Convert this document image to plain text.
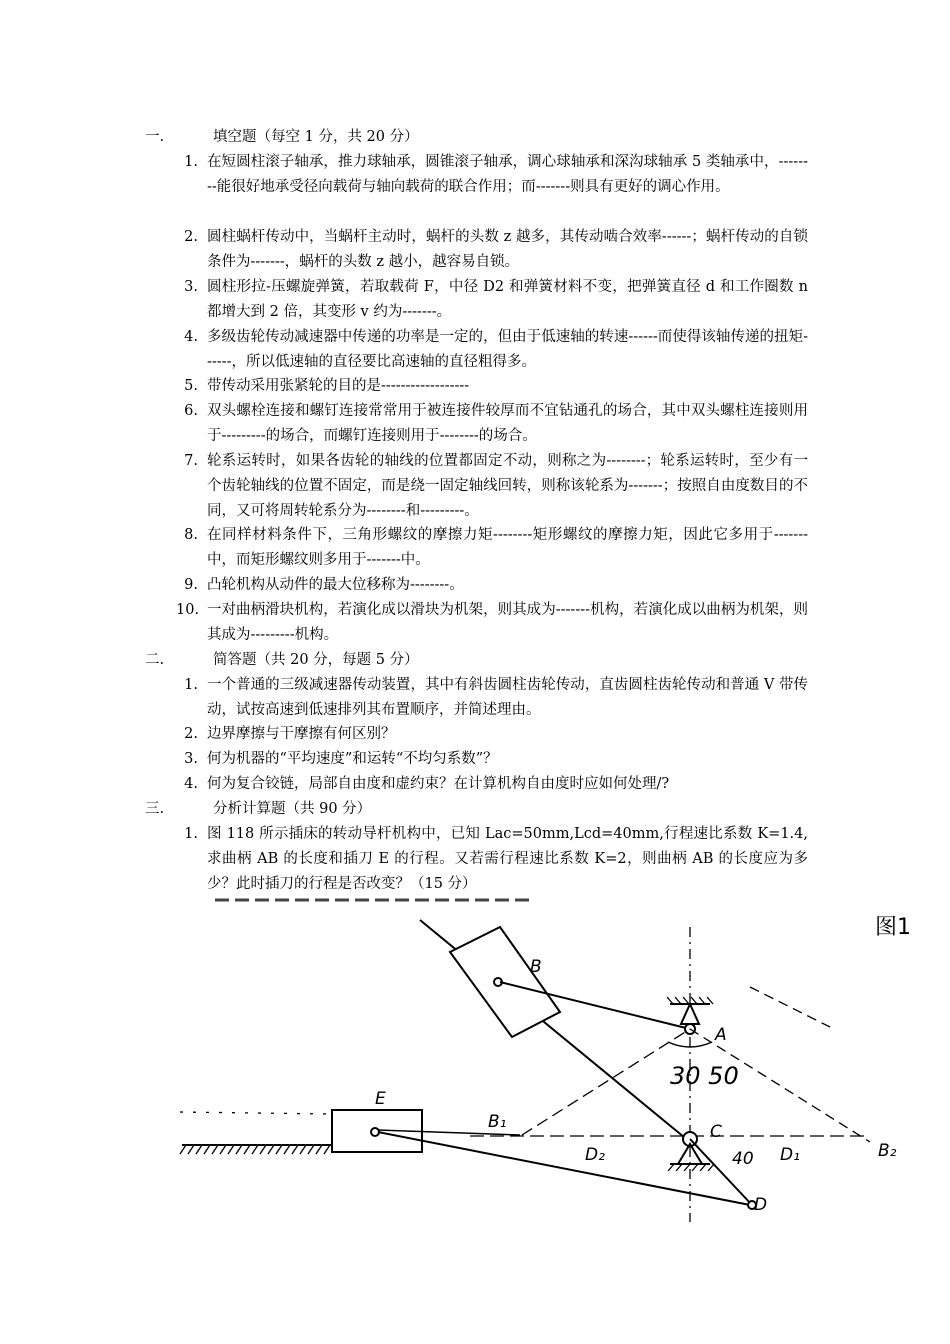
一.	填空题（每空 1 分，共 20 分）
1. 在短圆柱滚子轴承，推力球轴承，圆锥滚子轴承，调心球轴承和深沟球轴承 5 类轴承中，--------能很好地承受径向载荷与轴向载荷的联合作用；而-------则具有更好的调心作用。
2. 圆柱蜗杆传动中，当蜗杆主动时，蜗杆的头数 z 越多，其传动啮合效率------；蜗杆传动的自锁条件为-------，蜗杆的头数 z 越小，越容易自锁。
3. 圆柱形拉-压螺旋弹簧，若取载荷 F，中径 D2 和弹簧材料不变，把弹簧直径 d 和工作圈数 n 都增大到 2 倍，其变形 v 约为-------。
4. 多级齿轮传动减速器中传递的功率是一定的，但由于低速轴的转速------而使得该轴传递的扭矩------，所以低速轴的直径要比高速轴的直径粗得多。
5. 带传动采用张紧轮的目的是------------------
6. 双头螺栓连接和螺钉连接常常用于被连接件较厚而不宜钻通孔的场合，其中双头螺柱连接则用于---------的场合，而螺钉连接则用于--------的场合。
7. 轮系运转时，如果各齿轮的轴线的位置都固定不动，则称之为--------；轮系运转时，至少有一个齿轮轴线的位置不固定，而是绕一固定轴线回转，则称该轮系为-------；按照自由度数目的不同，又可将周转轮系分为--------和---------。
8. 在同样材料条件下，三角形螺纹的摩擦力矩--------矩形螺纹的摩擦力矩，因此它多用于-------中，而矩形螺纹则多用于-------中。
9. 凸轮机构从动件的最大位移称为--------。
10. 一对曲柄滑块机构，若演化成以滑块为机架，则其成为-------机构，若演化成以曲柄为机架，则其成为---------机构。
二.	简答题（共 20 分，每题 5 分）
1. 一个普通的三级减速器传动装置，其中有斜齿圆柱齿轮传动，直齿圆柱齿轮传动和普通 V 带传动，试按高速到低速排列其布置顺序，并简述理由。
2. 边界摩擦与干摩擦有何区别？
3. 何为机器的“平均速度”和运转“不均匀系数”？
4. 何为复合铰链，局部自由度和虚约束？在计算机构自由度时应如何处理/?
三.	分析计算题（共 90 分）
1. 图 118 所示插床的转动导杆机构中，已知 Lac=50mm,Lcd=40mm,行程速比系数 K=1.4,求曲柄 AB 的长度和插刀 E 的行程。又若需行程速比系数 K=2，则曲柄 AB 的长度应为多少？此时插刀的行程是否改变？（15 分）
B
A
E
C
D
B₁
B₂
D₁
D₂
30 50
40
图1
